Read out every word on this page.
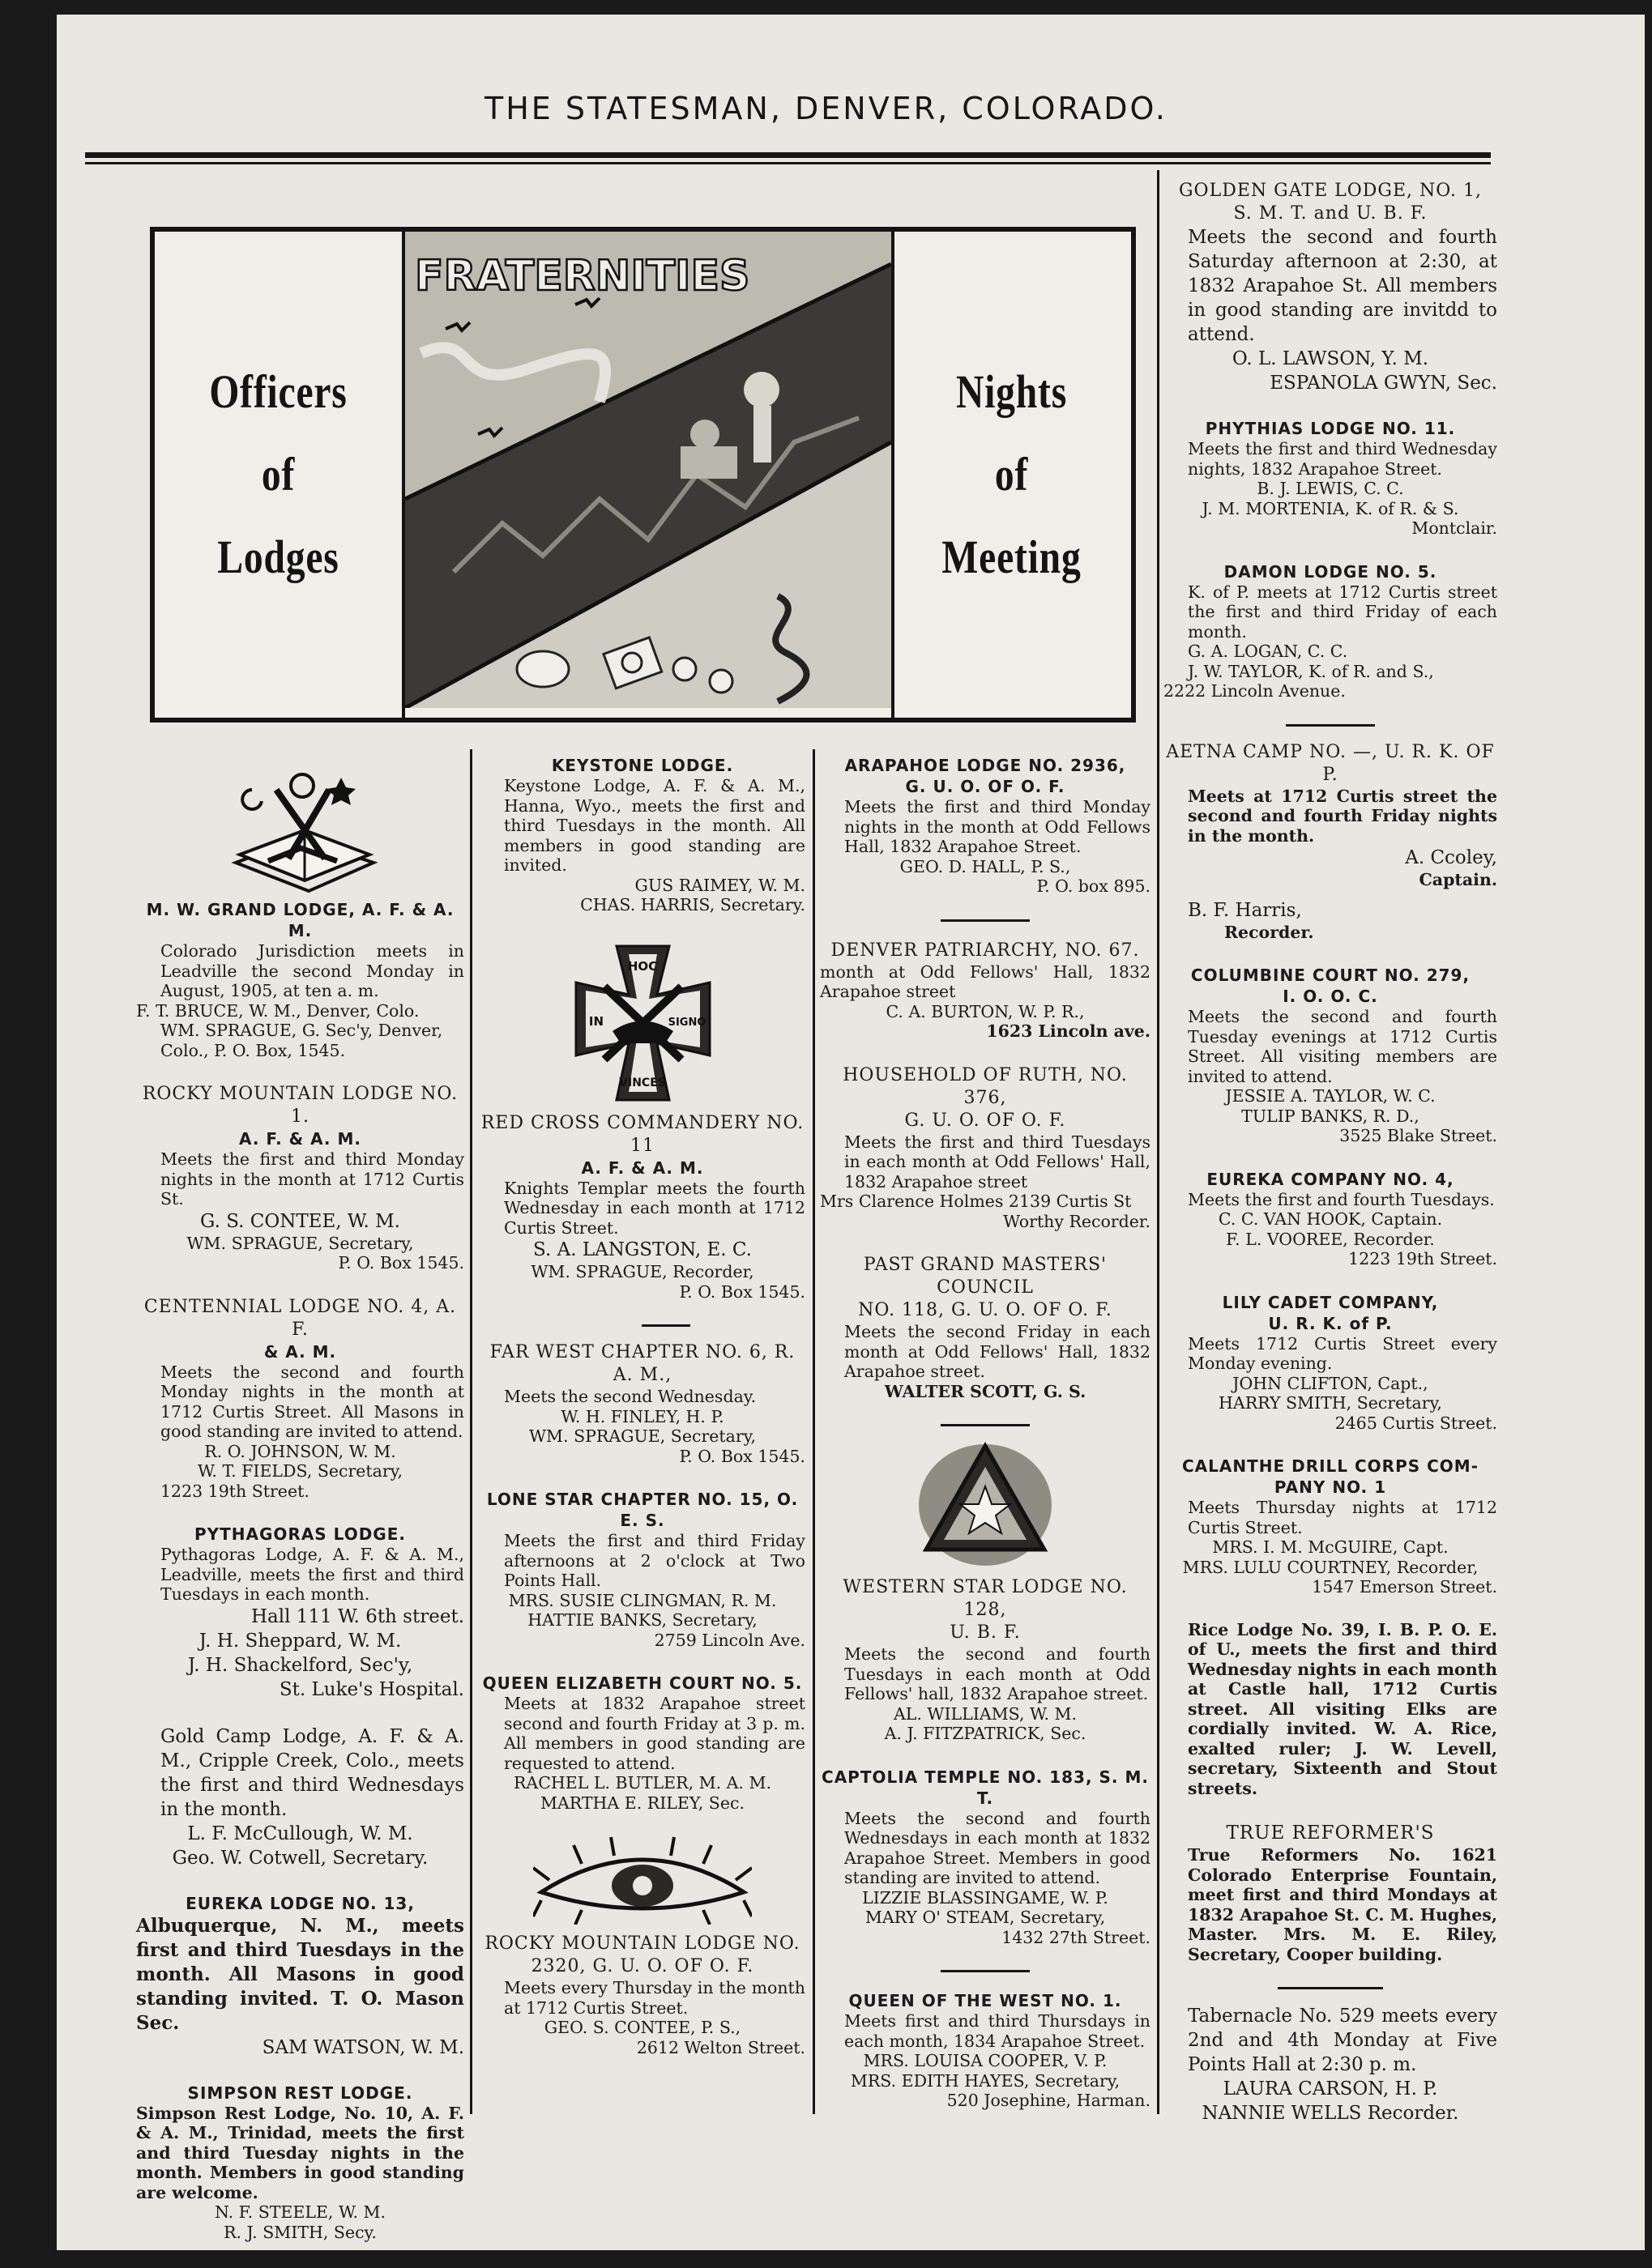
THE STATESMAN, DENVER, COLORADO.
Officers
of
Lodges
FRATERNITIES
Nights
of
Meeting
M. W. GRAND LODGE, A. F. & A. M.

Colorado Jurisdiction meets in Leadville the second Monday in August, 1905, at ten a. m.

F. T. BRUCE, W. M., Denver, Colo.

WM. SPRAGUE, G. Sec'y, Denver, Colo., P. O. Box, 1545.

ROCKY MOUNTAIN LODGE NO. 1.
A. F. & A. M.

Meets the first and third Monday nights in the month at 1712 Curtis St.

G. S. CONTEE, W. M.

WM. SPRAGUE, Secretary,

P. O. Box 1545.

CENTENNIAL LODGE NO. 4, A. F.
& A. M.

Meets the second and fourth Monday nights in the month at 1712 Curtis Street. All Masons in good standing are invited to attend.

R. O. JOHNSON, W. M.

W. T. FIELDS, Secretary,

1223 19th Street.

PYTHAGORAS LODGE.

Pythagoras Lodge, A. F. & A. M., Leadville, meets the first and third Tuesdays in each month.

Hall 111 W. 6th street.

J. H. Sheppard, W. M.

J. H. Shackelford, Sec'y,

St. Luke's Hospital.

Gold Camp Lodge, A. F. & A. M., Cripple Creek, Colo., meets the first and third Wednesdays in the month.

L. F. McCullough, W. M.

Geo. W. Cotwell, Secretary.

EUREKA LODGE NO. 13,

Albuquerque, N. M., meets first and third Tuesdays in the month. All Masons in good standing invited. T. O. Mason Sec.

SAM WATSON, W. M.

SIMPSON REST LODGE.

Simpson Rest Lodge, No. 10, A. F. & A. M., Trinidad, meets the first and third Tuesday nights in the month. Members in good standing are welcome.

N. F. STEELE, W. M.

R. J. SMITH, Secy.

KEYSTONE LODGE.

Keystone Lodge, A. F. & A. M., Hanna, Wyo., meets the first and third Tuesdays in the month. All members in good standing are invited.

GUS RAIMEY, W. M.

CHAS. HARRIS, Secretary.

HOC
IN	SIGNO
VINCES
RED CROSS COMMANDERY NO.
11
A. F. & A. M.

Knights Templar meets the fourth Wednesday in each month at 1712 Curtis Street.

S. A. LANGSTON, E. C.

WM. SPRAGUE, Recorder,

P. O. Box 1545.

FAR WEST CHAPTER NO. 6, R. A. M.,

Meets the second Wednesday.

W. H. FINLEY, H. P.

WM. SPRAGUE, Secretary,

P. O. Box 1545.

LONE STAR CHAPTER NO. 15, O. E. S.

Meets the first and third Friday afternoons at 2 o'clock at Two Points Hall.

MRS. SUSIE CLINGMAN, R. M.

HATTIE BANKS, Secretary,

2759 Lincoln Ave.

QUEEN ELIZABETH COURT NO. 5.

Meets at 1832 Arapahoe street second and fourth Friday at 3 p. m. All members in good standing are requested to attend.

RACHEL L. BUTLER, M. A. M.

MARTHA E. RILEY, Sec.

ROCKY MOUNTAIN LODGE NO.
2320, G. U. O. OF O. F.

Meets every Thursday in the month at 1712 Curtis Street.

GEO. S. CONTEE, P. S.,

2612 Welton Street.

ARAPAHOE LODGE NO. 2936,
G. U. O. OF O. F.

Meets the first and third Monday nights in the month at Odd Fellows Hall, 1832 Arapahoe Street.

GEO. D. HALL, P. S.,

P. O. box 895.

DENVER PATRIARCHY, NO. 67.

month at Odd Fellows' Hall, 1832 Arapahoe street

C. A. BURTON, W. P. R.,

1623 Lincoln ave.

HOUSEHOLD OF RUTH, NO. 376,
G. U. O. OF O. F.

Meets the first and third Tuesdays in each month at Odd Fellows' Hall, 1832 Arapahoe street

Mrs Clarence Holmes 2139 Curtis St

Worthy Recorder.

PAST GRAND MASTERS' COUNCIL
NO. 118, G. U. O. OF O. F.

Meets the second Friday in each month at Odd Fellows' Hall, 1832 Arapahoe street.

WALTER SCOTT, G. S.

WESTERN STAR LODGE NO. 128,
U. B. F.

Meets the second and fourth Tuesdays in each month at Odd Fellows' hall, 1832 Arapahoe street.

AL. WILLIAMS, W. M.

A. J. FITZPATRICK, Sec.

CAPTOLIA TEMPLE NO. 183, S. M. T.

Meets the second and fourth Wednesdays in each month at 1832 Arapahoe Street. Members in good standing are invited to attend.

LIZZIE BLASSINGAME, W. P.

MARY O' STEAM, Secretary,

1432 27th Street.

QUEEN OF THE WEST NO. 1.

Meets first and third Thursdays in each month, 1834 Arapahoe Street.

MRS. LOUISA COOPER, V. P.

MRS. EDITH HAYES, Secretary,

520 Josephine, Harman.

GOLDEN GATE LODGE, NO. 1,
S. M. T. and U. B. F.

Meets the second and fourth Saturday afternoon at 2:30, at 1832 Arapahoe St. All members in good standing are invitdd to attend.

O. L. LAWSON, Y. M.

ESPANOLA GWYN, Sec.

PHYTHIAS LODGE NO. 11.

Meets the first and third Wednesday nights, 1832 Arapahoe Street.

B. J. LEWIS, C. C.

J. M. MORTENIA, K. of R. & S.

Montclair.

DAMON LODGE NO. 5.

K. of P. meets at 1712 Curtis street the first and third Friday of each month.

G. A. LOGAN, C. C.

J. W. TAYLOR, K. of R. and S.,

2222 Lincoln Avenue.

AETNA CAMP NO. —, U. R. K. OF P.

Meets at 1712 Curtis street the second and fourth Friday nights in the month.

A. Ccoley,

Captain.

B. F. Harris,

Recorder.

COLUMBINE COURT NO. 279,
I. O. O. C.

Meets the second and fourth Tuesday evenings at 1712 Curtis Street. All visiting members are invited to attend.

JESSIE A. TAYLOR, W. C.

TULIP BANKS, R. D.,

3525 Blake Street.

EUREKA COMPANY NO. 4,

Meets the first and fourth Tuesdays.

C. C. VAN HOOK, Captain.

F. L. VOOREE, Recorder.

1223 19th Street.

LILY CADET COMPANY,
U. R. K. of P.

Meets 1712 Curtis Street every Monday evening.

JOHN CLIFTON, Capt.,

HARRY SMITH, Secretary,

2465 Curtis Street.

CALANTHE DRILL CORPS COM-
PANY NO. 1

Meets Thursday nights at 1712 Curtis Street.

MRS. I. M. McGUIRE, Capt.

MRS. LULU COURTNEY, Recorder,

1547 Emerson Street.

Rice Lodge No. 39, I. B. P. O. E. of U., meets the first and third Wednesday nights in each month at Castle hall, 1712 Curtis street. All visiting Elks are cordially invited. W. A. Rice, exalted ruler; J. W. Levell, secretary, Sixteenth and Stout streets.

TRUE REFORMER'S

True Reformers No. 1621 Colorado Enterprise Fountain, meet first and third Mondays at 1832 Arapahoe St. C. M. Hughes, Master. Mrs. M. E. Riley, Secretary, Cooper building.

Tabernacle No. 529 meets every 2nd and 4th Monday at Five Points Hall at 2:30 p. m.

LAURA CARSON, H. P.

NANNIE WELLS Recorder.
